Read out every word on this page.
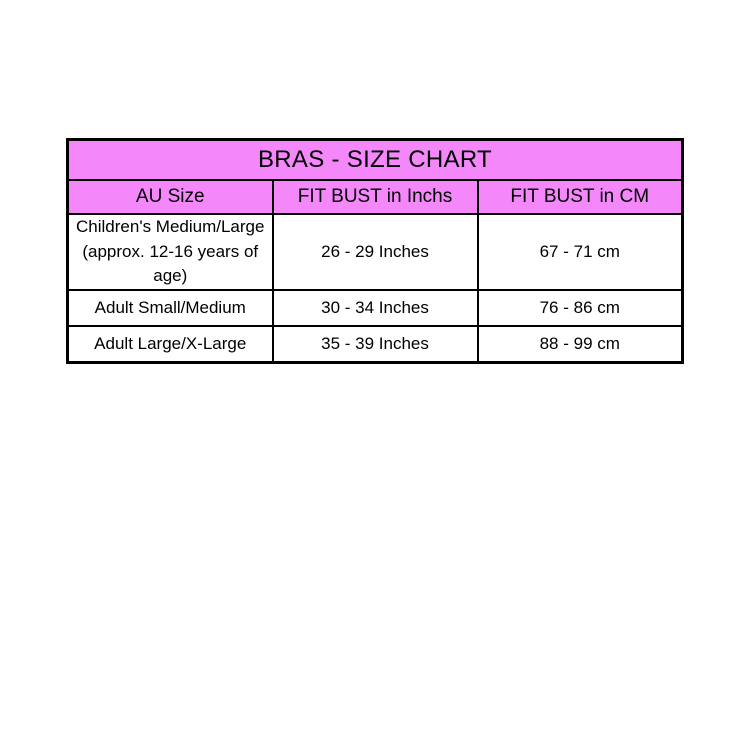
BRAS - SIZE CHART		
AU Size	FIT BUST in Inchs	FIT BUST in CM

Children's Medium/Large
(approx. 12-16 years of age)	26 - 29 Inches	67 - 71 cm
Adult Small/Medium	30 - 34 Inches	76 - 86 cm
Adult Large/X-Large	35 - 39 Inches	88 - 99 cm
